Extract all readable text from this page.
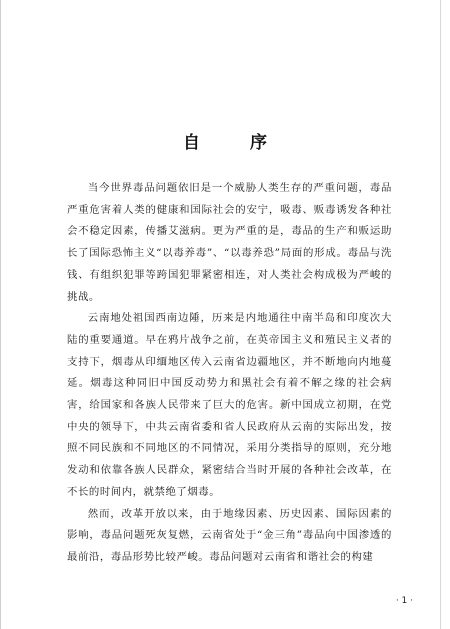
自 序

当今世界毒品问题依旧是一个威胁人类生存的严重问题，毒品严重危害着人类的健康和国际社会的安宁，吸毒、贩毒诱发各种社会不稳定因素，传播艾滋病。更为严重的是，毒品的生产和贩运助长了国际恐怖主义“以毒养毒”、“以毒养恐”局面的形成。毒品与洗钱、有组织犯罪等跨国犯罪紧密相连，对人类社会构成极为严峻的挑战。

云南地处祖国西南边陲，历来是内地通往中南半岛和印度次大陆的重要通道。早在鸦片战争之前，在英帝国主义和殖民主义者的支持下，烟毒从印缅地区传入云南省边疆地区，并不断地向内地蔓延。烟毒这种同旧中国反动势力和黑社会有着不解之缘的社会病害，给国家和各族人民带来了巨大的危害。新中国成立初期，在党中央的领导下，中共云南省委和省人民政府从云南的实际出发，按照不同民族和不同地区的不同情况，采用分类指导的原则，充分地发动和依靠各族人民群众，紧密结合当时开展的各种社会改革，在不长的时间内，就禁绝了烟毒。

然而，改革开放以来，由于地缘因素、历史因素、国际因素的影响，毒品问题死灰复燃，云南省处于“金三角”毒品向中国渗透的最前沿，毒品形势比较严峻。毒品问题对云南省和谐社会的构建

· 1 ·
